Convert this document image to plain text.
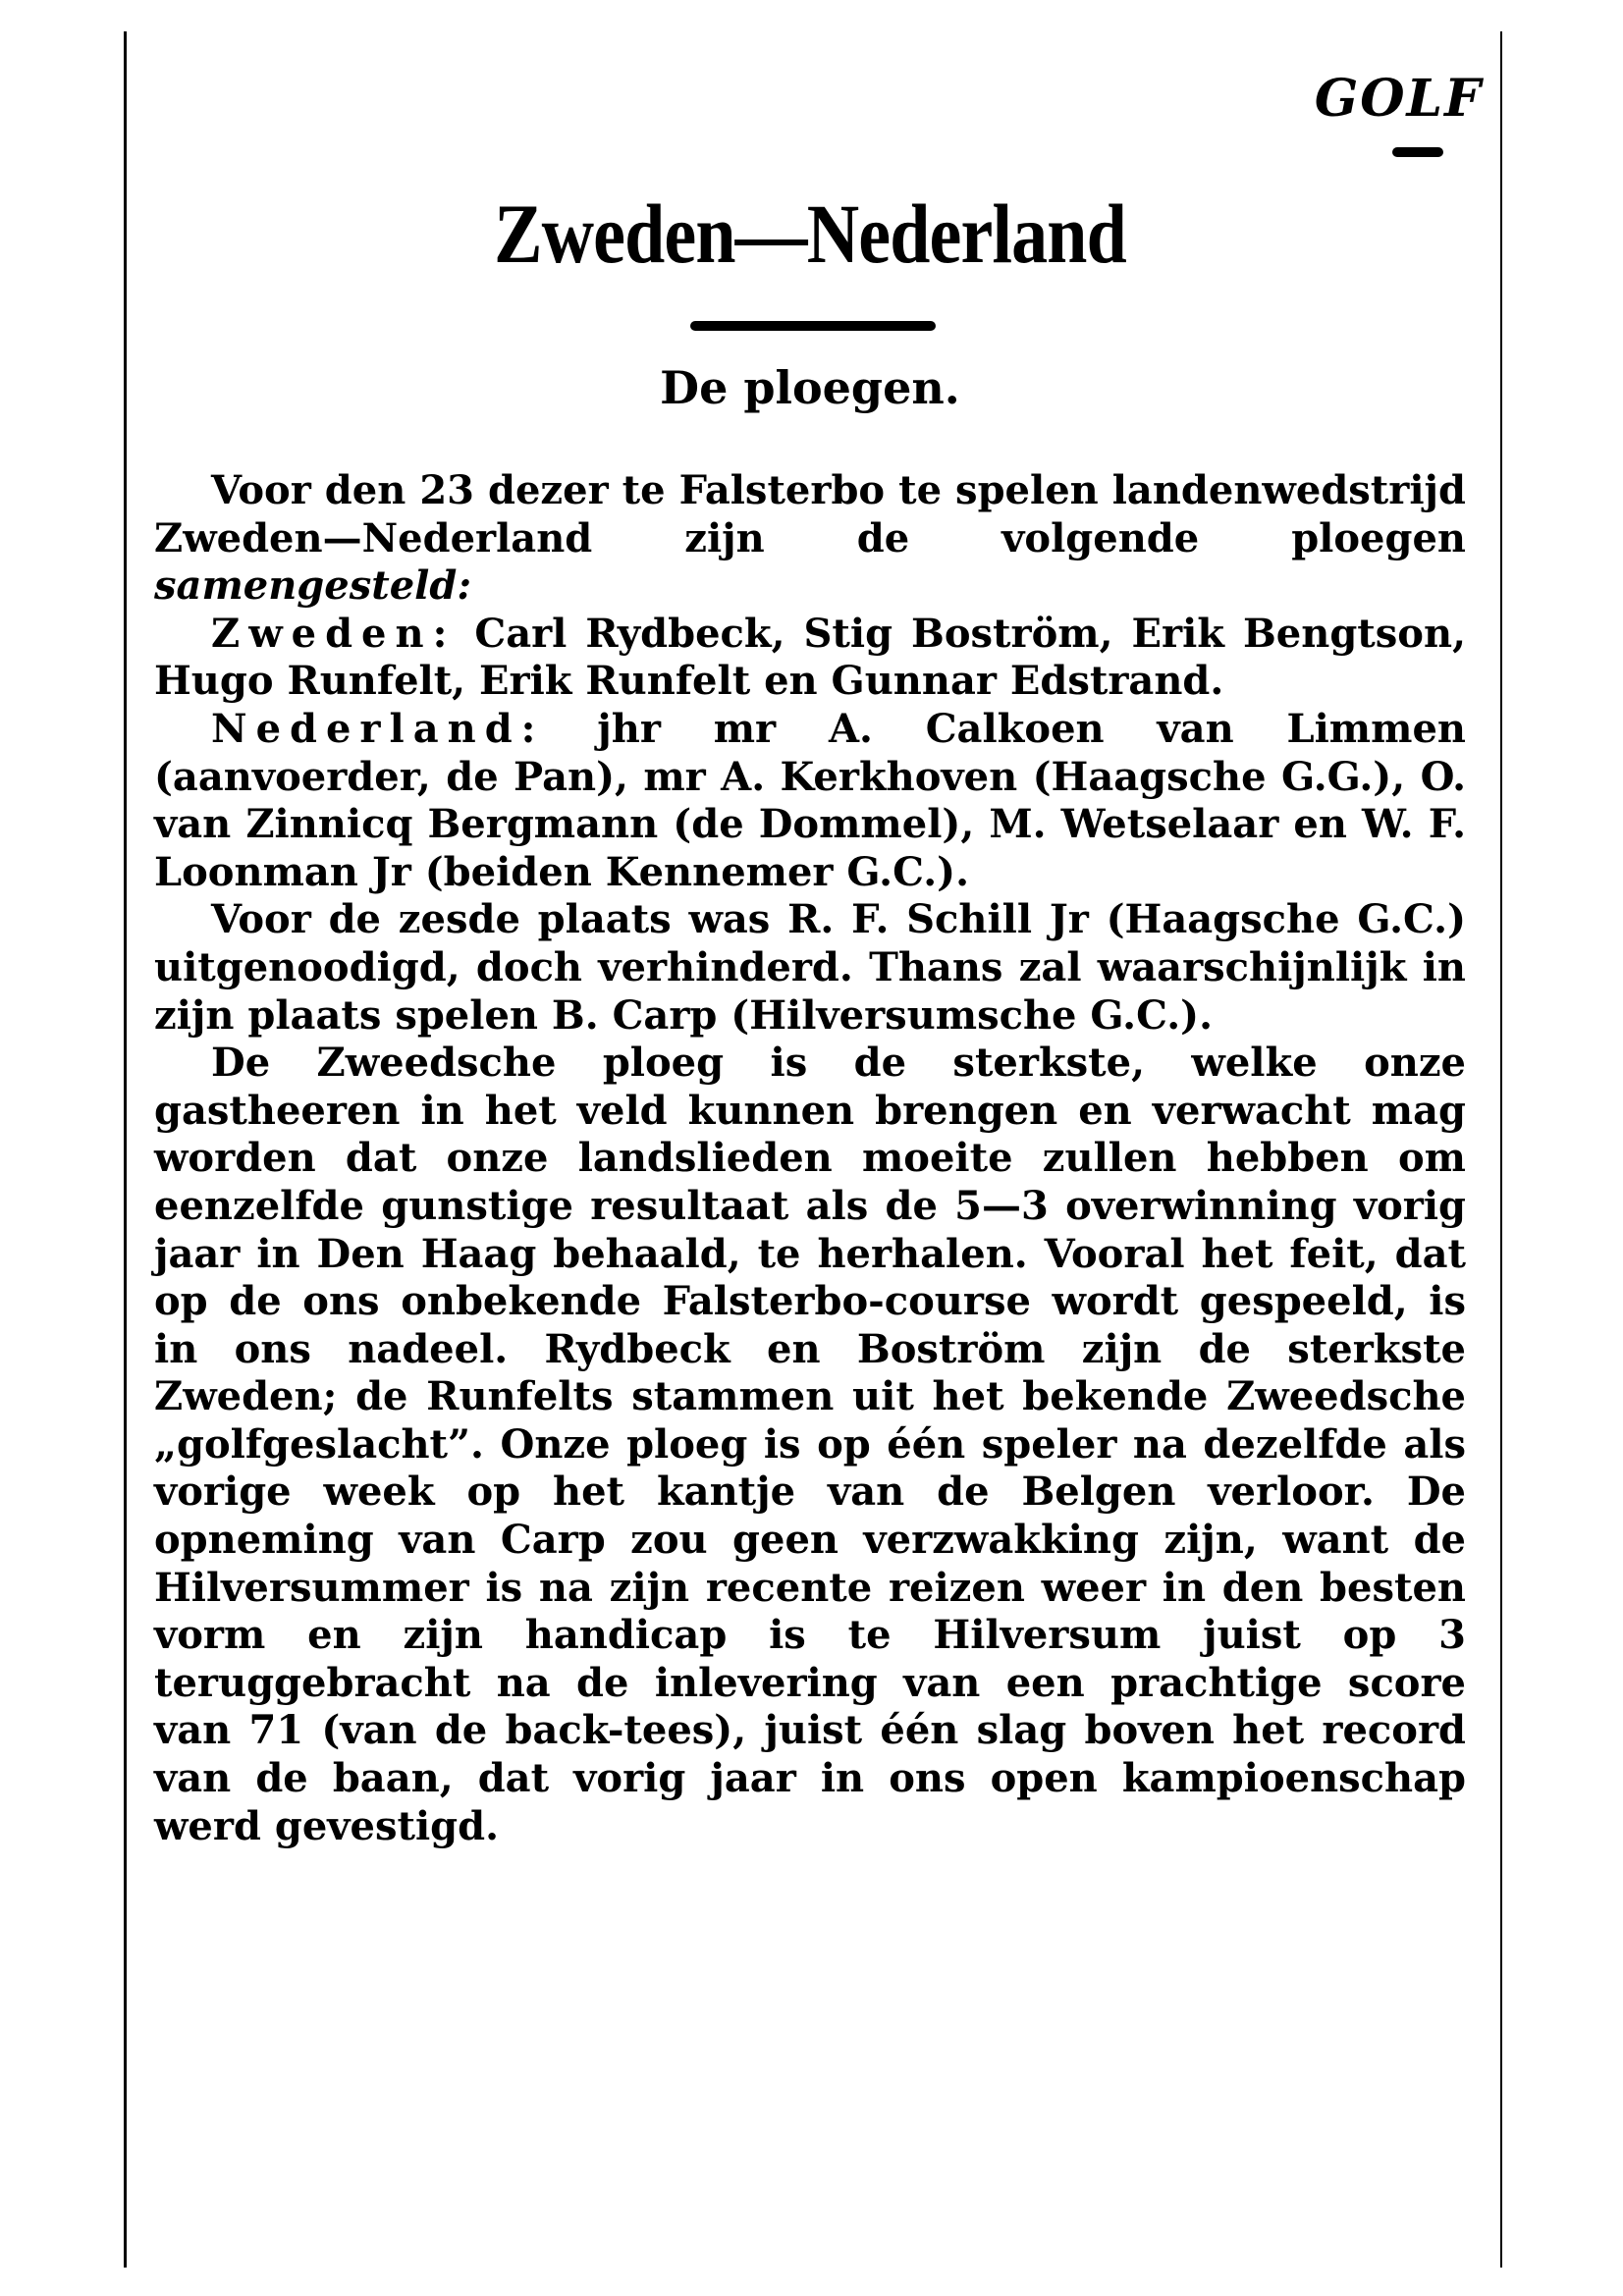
GOLF
Zweden—Nederland
De ploegen.

Voor den 23 dezer te Falsterbo te spelen landenwedstrijd Zweden—Nederland zijn de volgende ploegen samengesteld:

Zweden: Carl Rydbeck, Stig Boström, Erik Bengtson, Hugo Runfelt, Erik Runfelt en Gunnar Edstrand.

Nederland: jhr mr A. Calkoen van Limmen (aanvoerder, de Pan), mr A. Kerkhoven (Haagsche G.G.), O. van Zinnicq Bergmann (de Dommel), M. Wetselaar en W. F. Loonman Jr (beiden Kennemer G.C.).

Voor de zesde plaats was R. F. Schill Jr (Haagsche G.C.) uitgenoodigd, doch verhinderd. Thans zal waarschijnlijk in zijn plaats spelen B. Carp (Hilversumsche G.C.).

De Zweedsche ploeg is de sterkste, welke onze gastheeren in het veld kunnen brengen en verwacht mag worden dat onze landslieden moeite zullen hebben om eenzelfde gunstige resultaat als de 5—3 overwinning vorig jaar in Den Haag behaald, te herhalen. Vooral het feit, dat op de ons onbekende Falsterbo-course wordt gespeeld, is in ons nadeel. Rydbeck en Boström zijn de sterkste Zweden; de Runfelts stammen uit het bekende Zweedsche „golfgeslacht”. Onze ploeg is op één speler na dezelfde als vorige week op het kantje van de Belgen verloor. De opneming van Carp zou geen verzwakking zijn, want de Hilversummer is na zijn recente reizen weer in den besten vorm en zijn handicap is te Hilversum juist op 3 teruggebracht na de inlevering van een prachtige score van 71 (van de back-tees), juist één slag boven het record van de baan, dat vorig jaar in ons open kampioenschap werd gevestigd.
